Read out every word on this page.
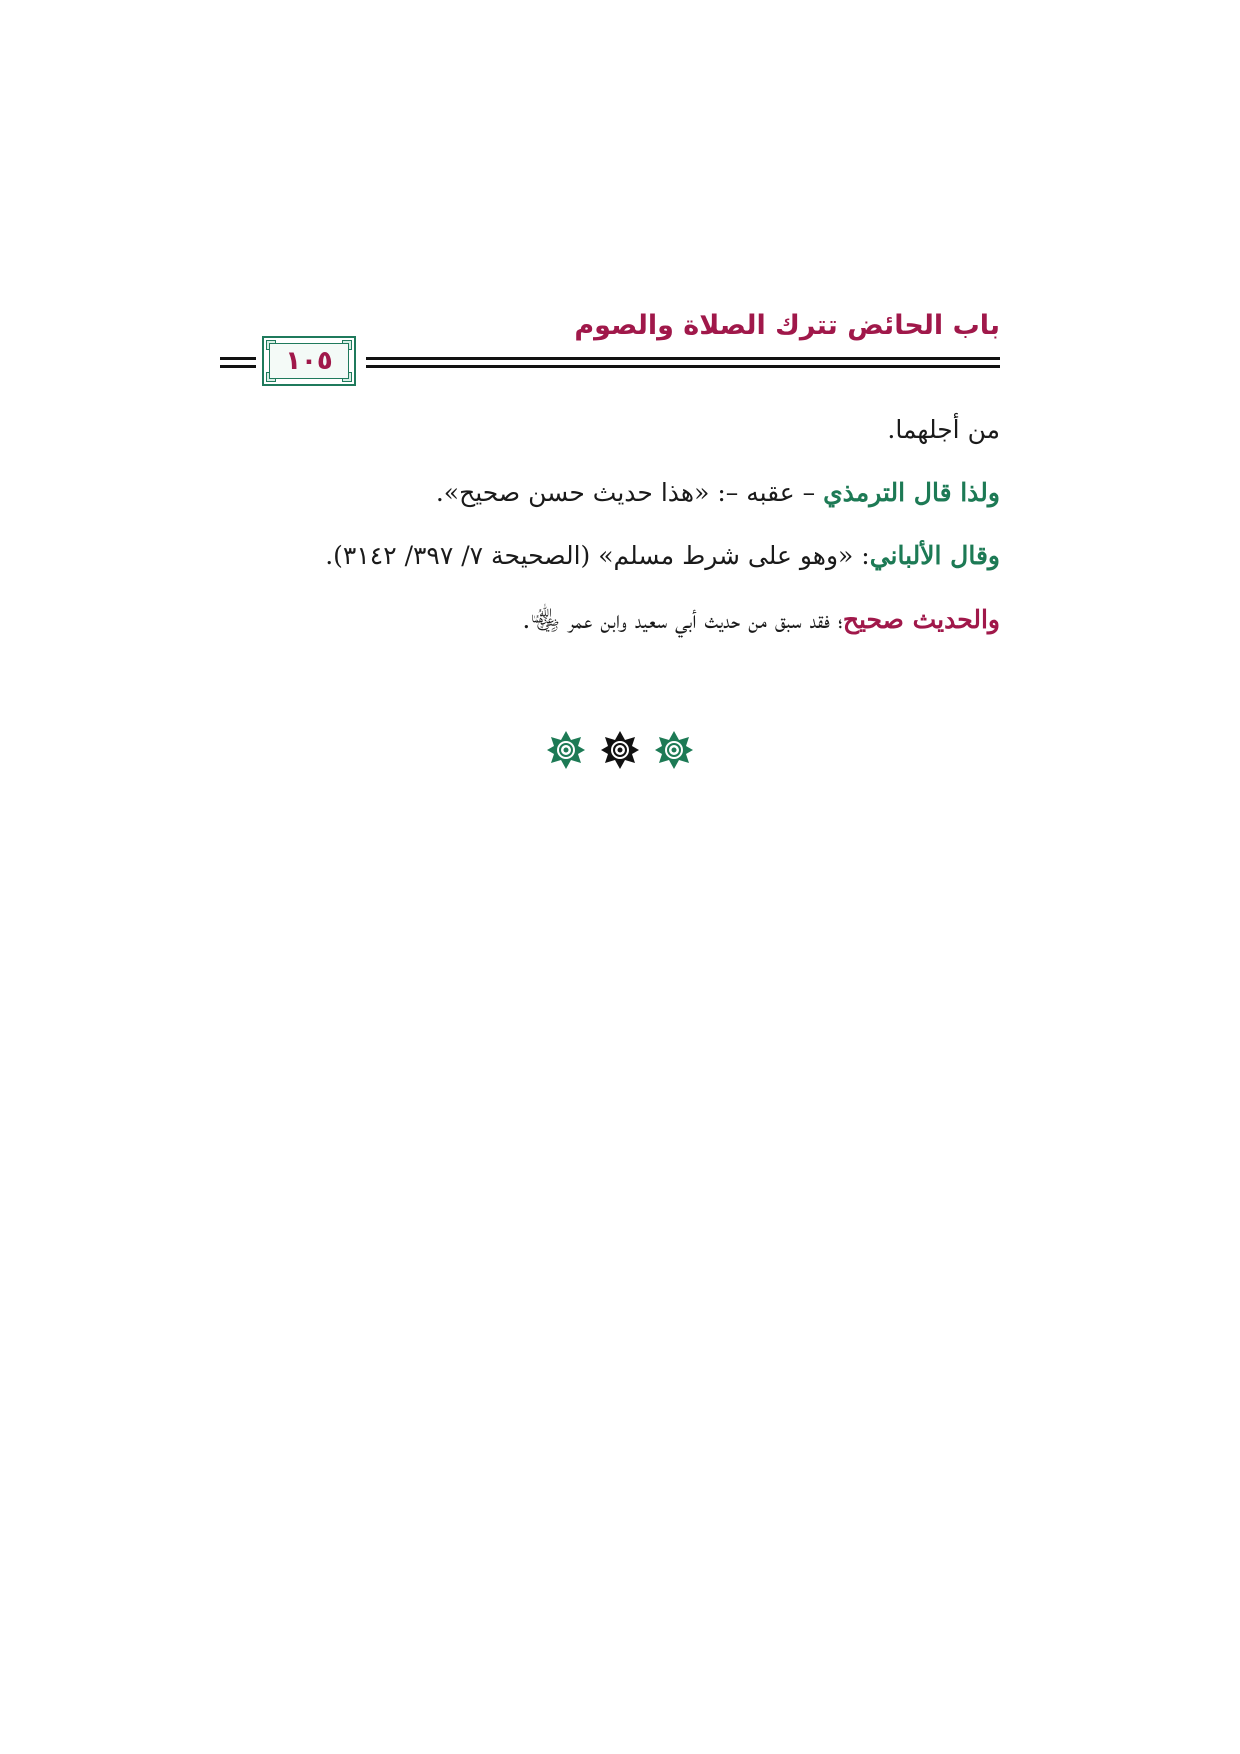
باب الحائض تترك الصلاة والصوم
١٠٥
من أجلهما.
ولذا قال الترمذي – عقبه –: «هذا حديث حسن صحيح».
وقال الألباني: «وهو على شرط مسلم» (الصحيحة ٧/ ٣٩٧/ ٣١٤٢).
والحديث صحيح؛ فقد سبق من حديث أبي سعيد وابن عمر ﵄.
